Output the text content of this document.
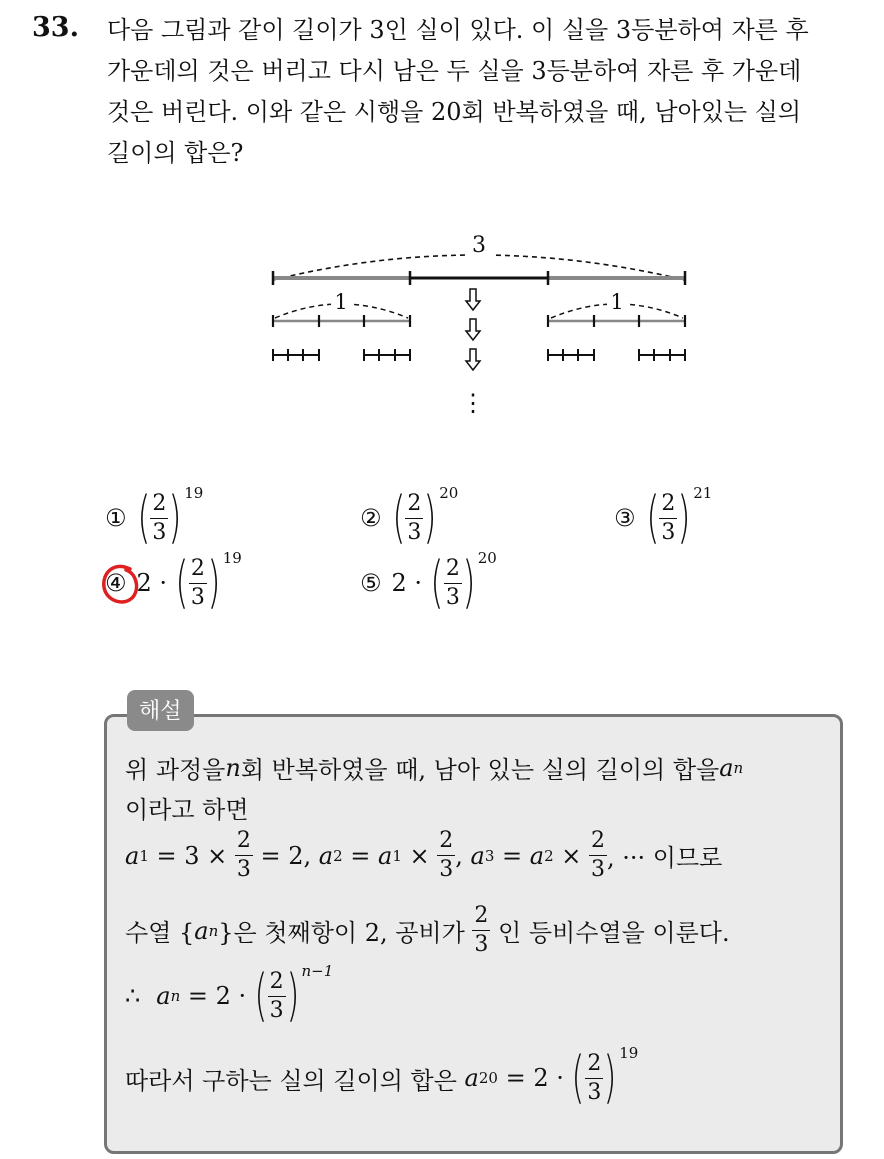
33. 다음 그림과 같이 길이가 3인 실이 있다. 이 실을 3등분하여 자른 후
가운데의 것은 버리고 다시 남은 두 실을 3등분하여 자른 후 가운데
것은 버린다. 이와 같은 시행을 20회 반복하였을 때, 남아있는 실의
길이의 합은?

3
1	1
⋮
① ( $\frac{2}{3}$ ) 19
② ( $\frac{2}{3}$ ) 20
③ ( $\frac{2}{3}$ ) 21
④ 2 · ( $\frac{2}{3}$ ) 19
⑤ 2 · ( $\frac{2}{3}$ ) 20
해설
위 과정을 n 회 반복하였을 때, 남아 있는 실의 길이의 합을 a n
이라고 하면
a $1 = 3 \times \frac{2}{3} = 2$, a 2 = a $1 \times \frac{2}{3}$ , a 3 = a $2 \times \frac{2}{3}$ , ··· 이므로
수열 { a n }은 첫째항이 2, 공비가 $\frac{2}{3}$ 인 등비수열을 이룬다.
∴ a n = 2 · ( $\frac{2}{3}$ ) n−1
따라서 구하는 실의 길이의 합은 a 20 = 2 · ( $\frac{2}{3}$ ) 19
